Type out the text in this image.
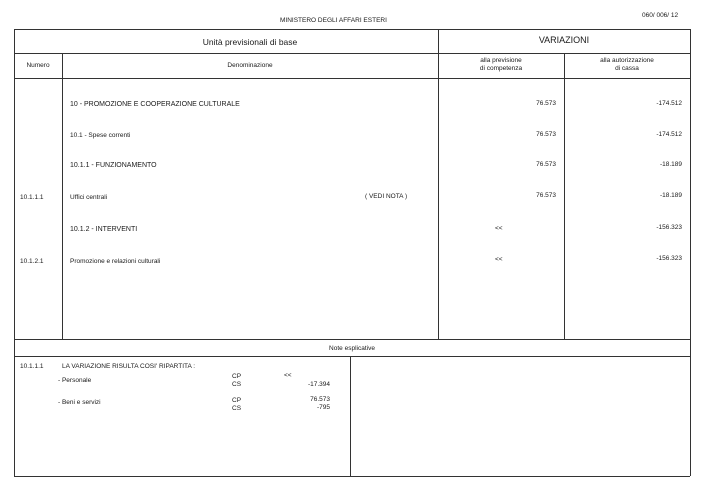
MINISTERO DEGLI AFFARI ESTERI
060/ 006/ 12
Unità previsionali di base	VARIAZIONI
Numero	Denominazione
alla previsione
di competenza
alla autorizzazione
di cassa
10 - PROMOZIONE E COOPERAZIONE CULTURALE	76.573	-174.512
10.1 - Spese correnti	76.573	-174.512
10.1.1 - FUNZIONAMENTO	76.573	-18.189
10.1.1.1	Uffici centrali	( VEDI NOTA )	76.573	-18.189
10.1.2 - INTERVENTI	<<	-156.323
10.1.2.1	Promozione e relazioni culturali	<<	-156.323
Note esplicative
10.1.1.1	LA VARIAZIONE RISULTA COSI' RIPARTITA :
- Personale
CP	<<
CS	-17.394
- Beni e servizi	CP	76.573
CS	-795
